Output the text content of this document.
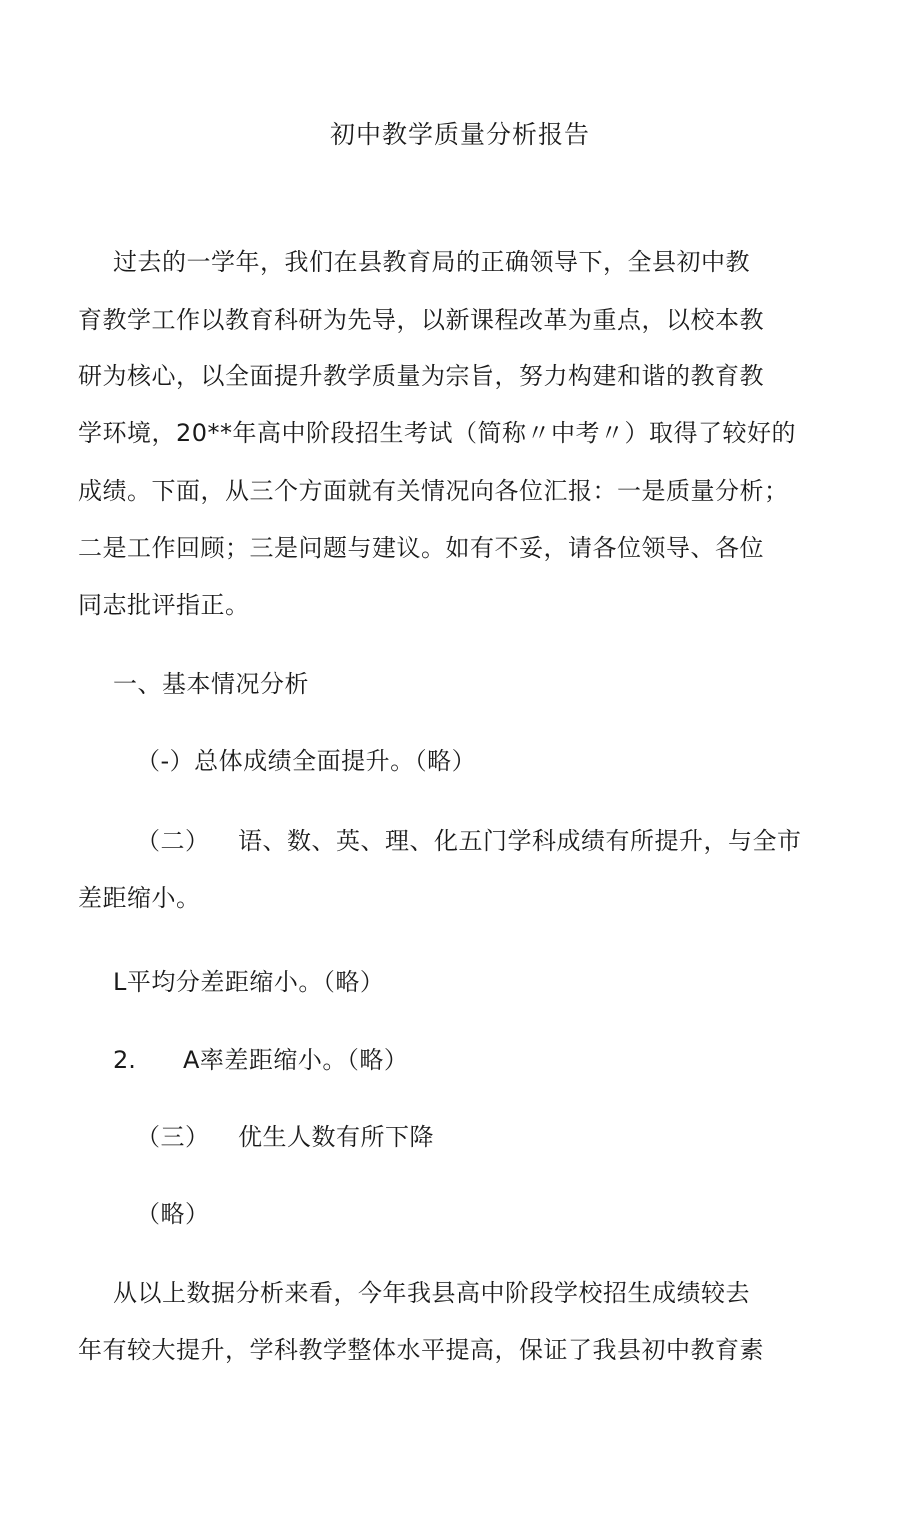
初中教学质量分析报告
过去的一学年，我们在县教育局的正确领导下，全县初中教
育教学工作以教育科研为先导，以新课程改革为重点，以校本教
研为核心，以全面提升教学质量为宗旨，努力构建和谐的教育教
学环境，20**年高中阶段招生考试（简称〃中考〃）取得了较好的
成绩。下面，从三个方面就有关情况向各位汇报：一是质量分析；
二是工作回顾；三是问题与建议。如有不妥，请各位领导、各位
同志批评指正。
一、基本情况分析
（-）总体成绩全面提升。（略）
（二） 语、数、英、理、化五门学科成绩有所提升，与全市
差距缩小。
L平均分差距缩小。（略）
2. A率差距缩小。（略）
（三） 优生人数有所下降
（略）
从以上数据分析来看，今年我县高中阶段学校招生成绩较去
年有较大提升，学科教学整体水平提高，保证了我县初中教育素
